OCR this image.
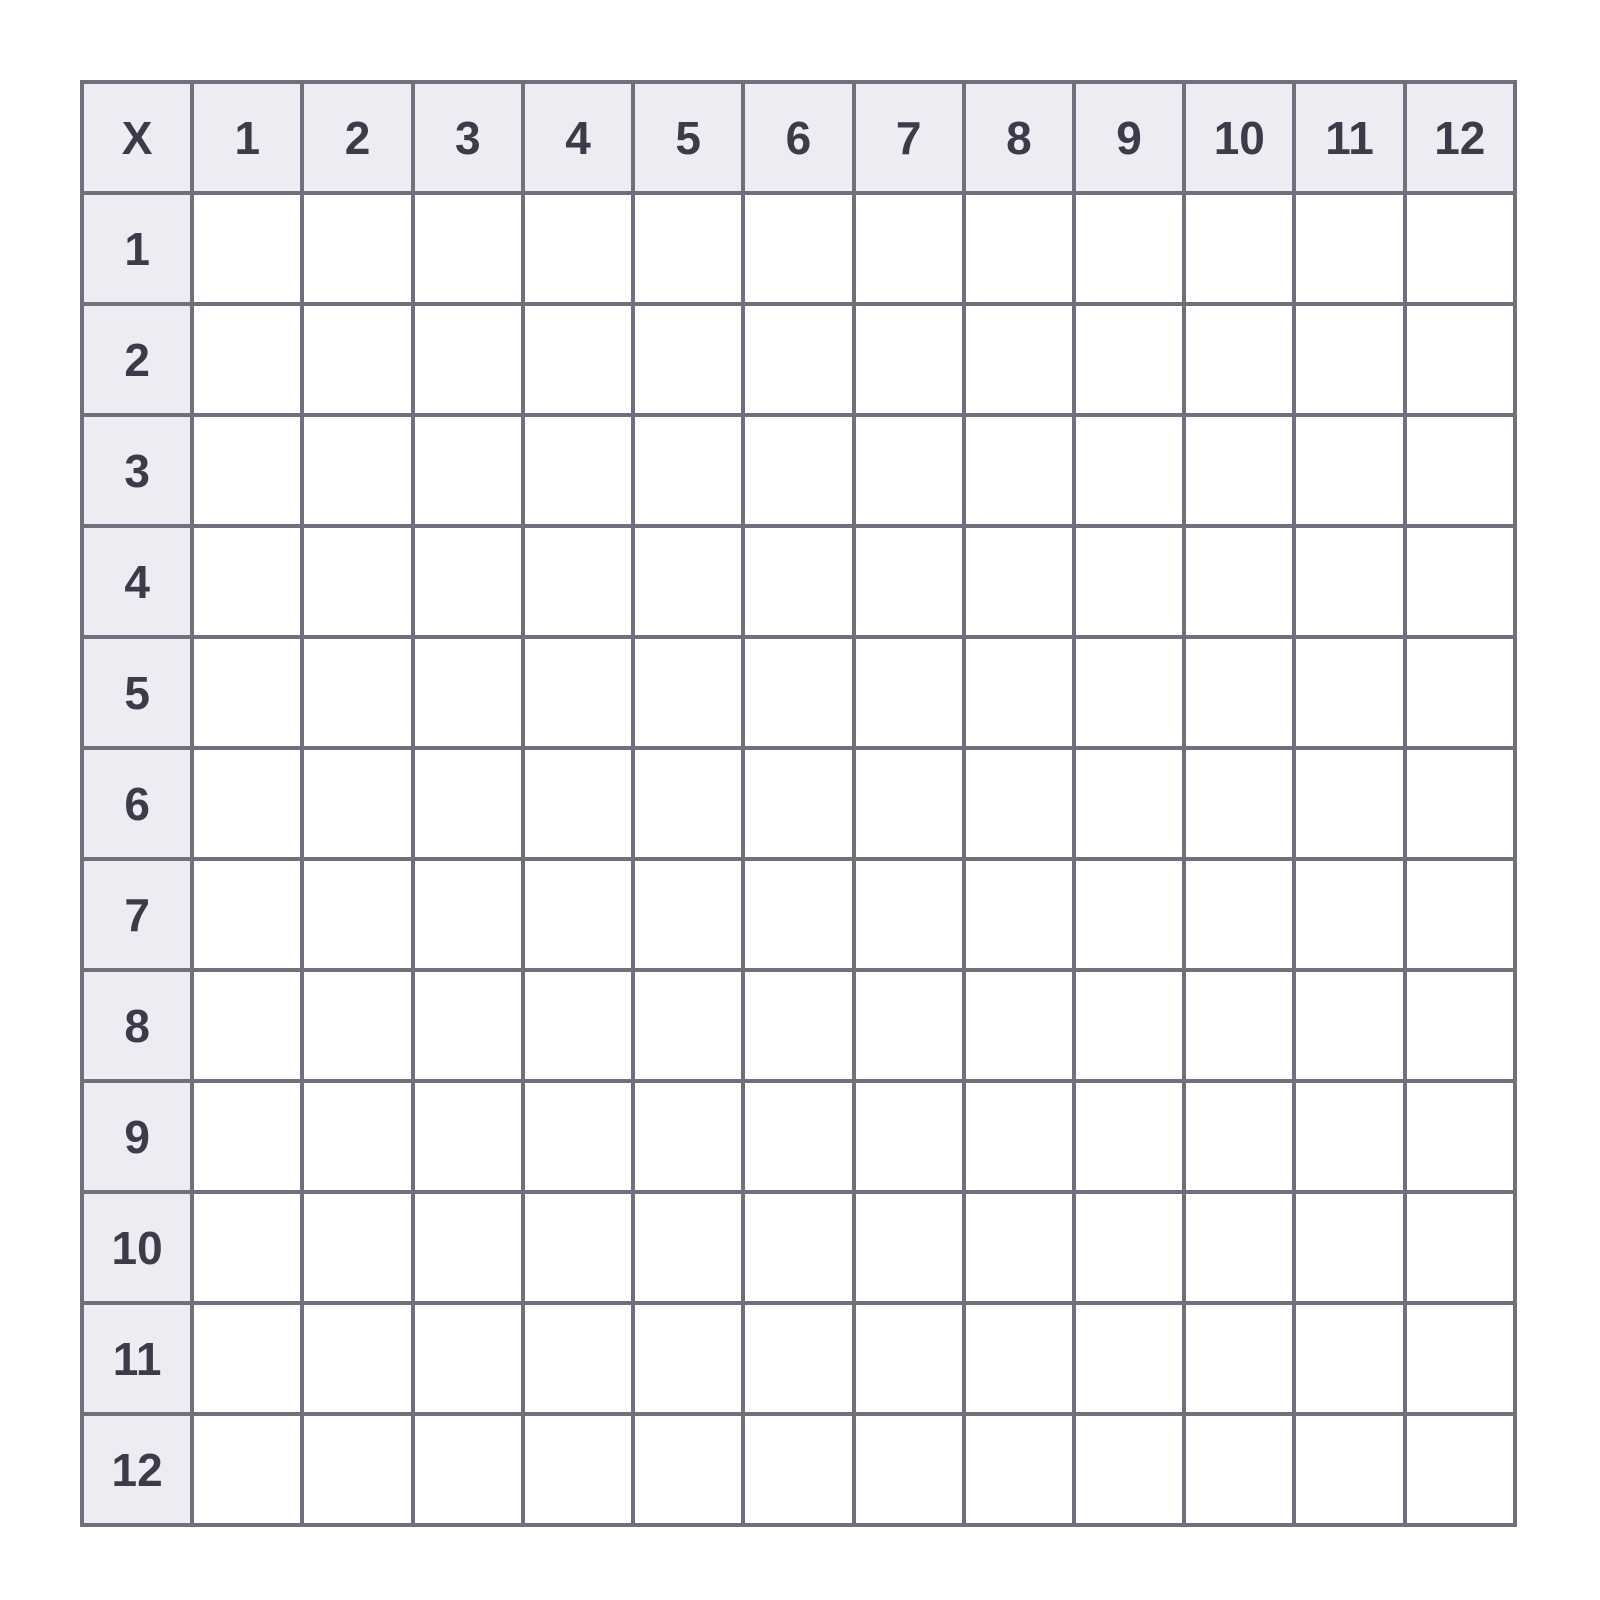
X	1	2	3	4	5	6	7	8	9	10	11	12
1												
2												
3												
4												
5												
6												
7												
8												
9												
10												
11												
12												
